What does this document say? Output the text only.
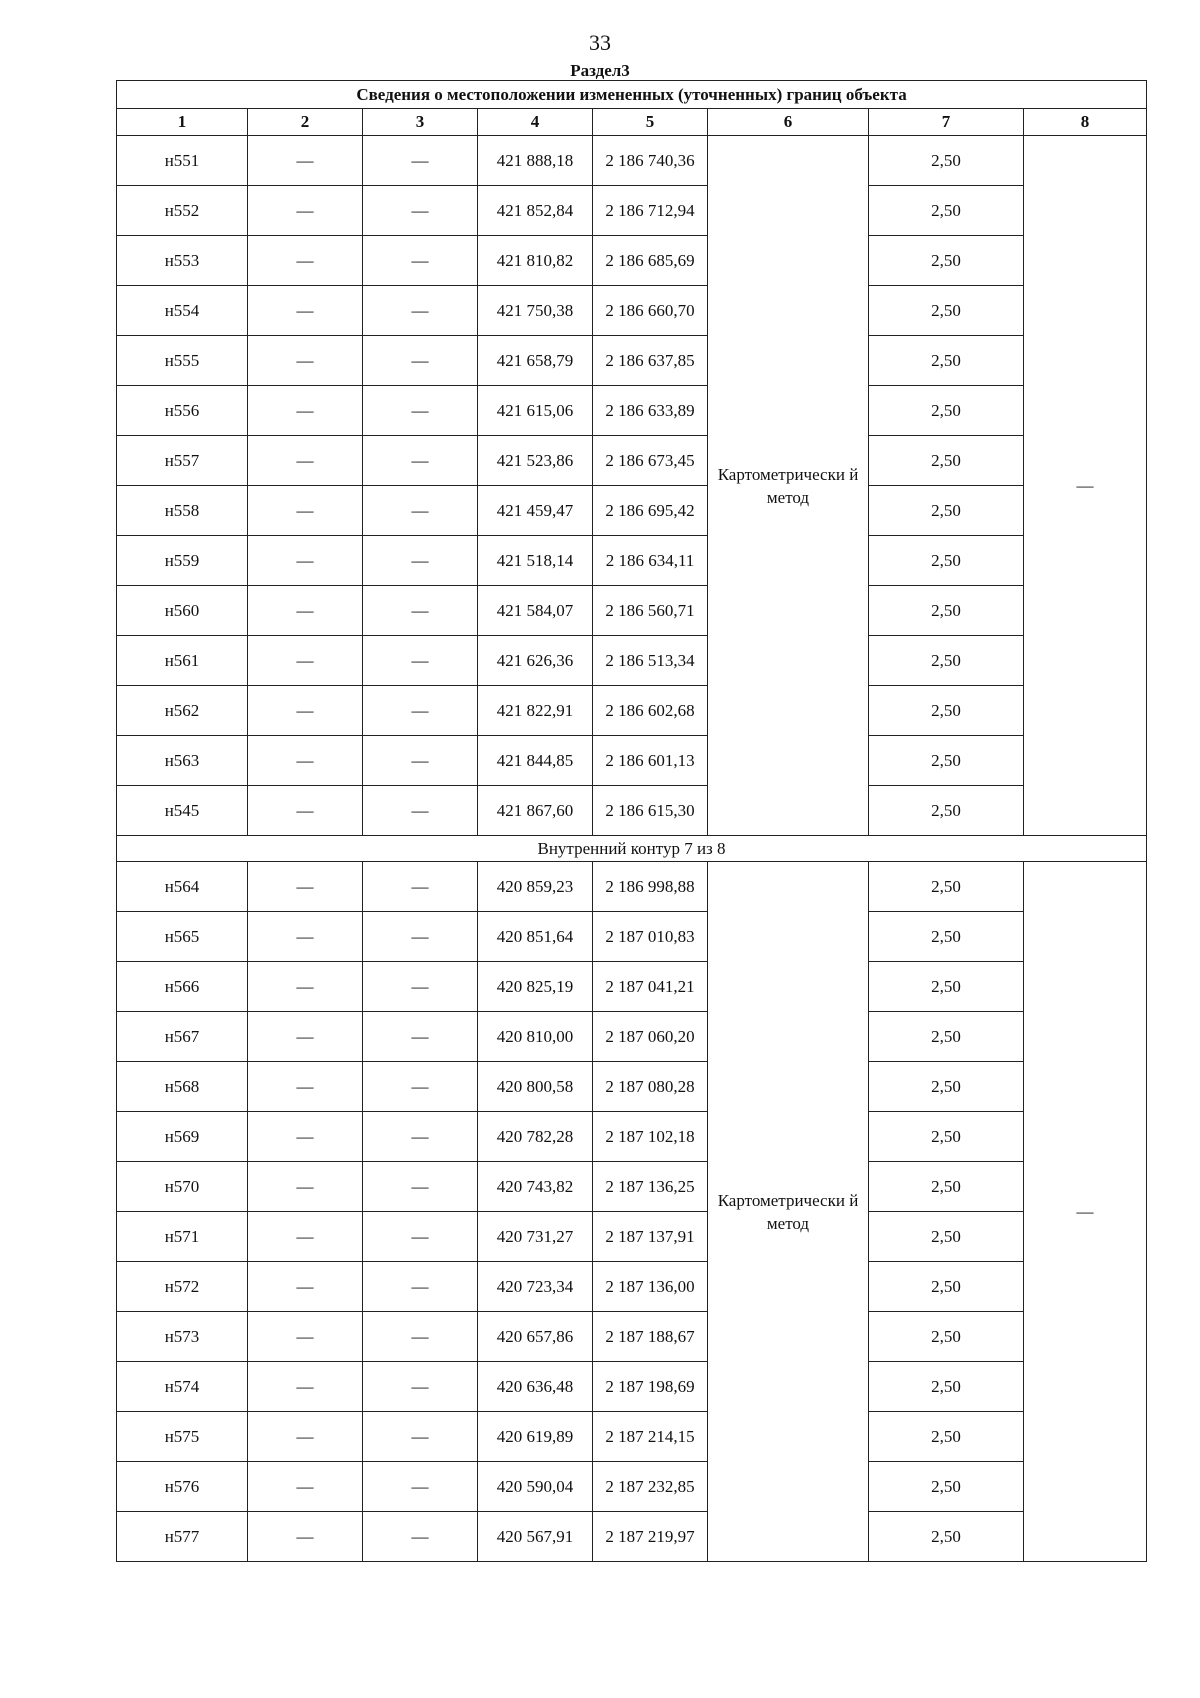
33
Раздел3
Сведения о местоположении измененных (уточненных) границ объекта							
1	2	3	4	5	6	7	8
н551	—	—	421 888,18	2 186 740,36	Картометрически й метод	2,50	—
н552	—	—	421 852,84	2 186 712,94		2,50	
н553	—	—	421 810,82	2 186 685,69		2,50	
н554	—	—	421 750,38	2 186 660,70		2,50	
н555	—	—	421 658,79	2 186 637,85		2,50	
н556	—	—	421 615,06	2 186 633,89		2,50	
н557	—	—	421 523,86	2 186 673,45		2,50	
н558	—	—	421 459,47	2 186 695,42		2,50	
н559	—	—	421 518,14	2 186 634,11		2,50	
н560	—	—	421 584,07	2 186 560,71		2,50	
н561	—	—	421 626,36	2 186 513,34		2,50	
н562	—	—	421 822,91	2 186 602,68		2,50	
н563	—	—	421 844,85	2 186 601,13		2,50	
н545	—	—	421 867,60	2 186 615,30		2,50	
Внутренний контур 7 из 8							
н564	—	—	420 859,23	2 186 998,88	Картометрически й метод	2,50	—
н565	—	—	420 851,64	2 187 010,83		2,50	
н566	—	—	420 825,19	2 187 041,21		2,50	
н567	—	—	420 810,00	2 187 060,20		2,50	
н568	—	—	420 800,58	2 187 080,28		2,50	
н569	—	—	420 782,28	2 187 102,18		2,50	
н570	—	—	420 743,82	2 187 136,25		2,50	
н571	—	—	420 731,27	2 187 137,91		2,50	
н572	—	—	420 723,34	2 187 136,00		2,50	
н573	—	—	420 657,86	2 187 188,67		2,50	
н574	—	—	420 636,48	2 187 198,69		2,50	
н575	—	—	420 619,89	2 187 214,15		2,50	
н576	—	—	420 590,04	2 187 232,85		2,50	
н577	—	—	420 567,91	2 187 219,97		2,50	
